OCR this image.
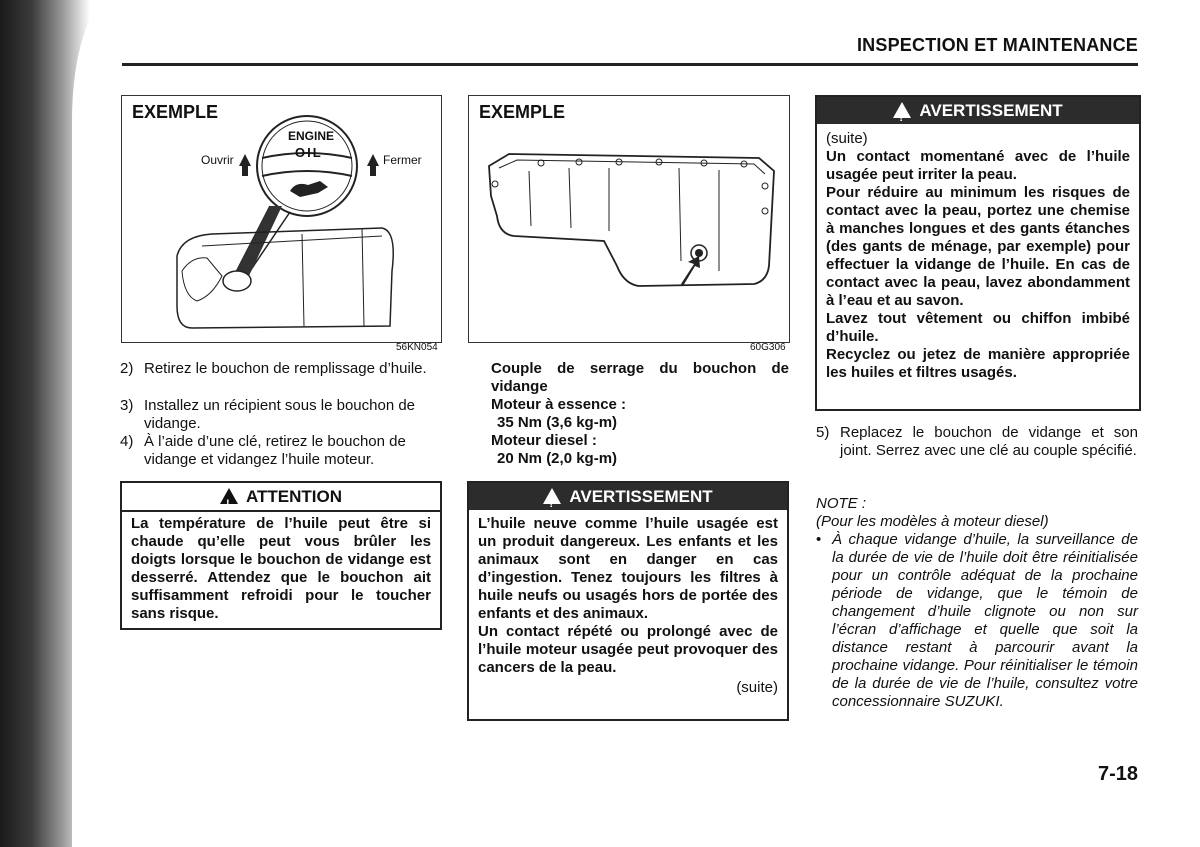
INSPECTION ET MAINTENANCE
EXEMPLE
ENGINE
OIL
Ouvrir	Fermer
56KN054
EXEMPLE
60G306
2) Retirez le bouchon de remplissage d’huile.
3) Installez un récipient sous le bouchon de vidange.
4) À l’aide d’une clé, retirez le bouchon de vidange et vidangez l’huile moteur.
!ATTENTION
La température de l’huile peut être si chaude qu’elle peut vous brûler les doigts lorsque le bouchon de vidange est desserré. Attendez que le bouchon ait suffisamment refroidi pour le toucher sans risque.
Couple de serrage du bouchon de vidange
Moteur à essence :
35 Nm (3,6 kg-m)
Moteur diesel :
20 Nm (2,0 kg-m)
!AVERTISSEMENT
L’huile neuve comme l’huile usagée est un produit dangereux. Les enfants et les animaux sont en danger en cas d’ingestion. Tenez toujours les filtres à huile neufs ou usagés hors de portée des enfants et des animaux.
Un contact répété ou prolongé avec de l’huile moteur usagée peut provoquer des cancers de la peau.
(suite)
!AVERTISSEMENT
(suite)
Un contact momentané avec de l’huile usagée peut irriter la peau.
Pour réduire au minimum les risques de contact avec la peau, portez une chemise à manches longues et des gants étanches (des gants de ménage, par exemple) pour effectuer la vidange de l’huile. En cas de contact avec la peau, lavez abondamment à l’eau et au savon.
Lavez tout vêtement ou chiffon imbibé d’huile.
Recyclez ou jetez de manière appropriée les huiles et filtres usagés.
5) Replacez le bouchon de vidange et son joint. Serrez avec une clé au couple spécifié.
NOTE :
(Pour les modèles à moteur diesel)
• À chaque vidange d’huile, la surveillance de la durée de vie de l’huile doit être réinitialisée pour un contrôle adéquat de la prochaine période de vidange, que le témoin de changement d’huile clignote ou non sur l’écran d’affichage et quelle que soit la distance restant à parcourir avant la prochaine vidange. Pour réinitialiser le témoin de la durée de vie de l’huile, consultez votre concessionnaire SUZUKI.
7-18
